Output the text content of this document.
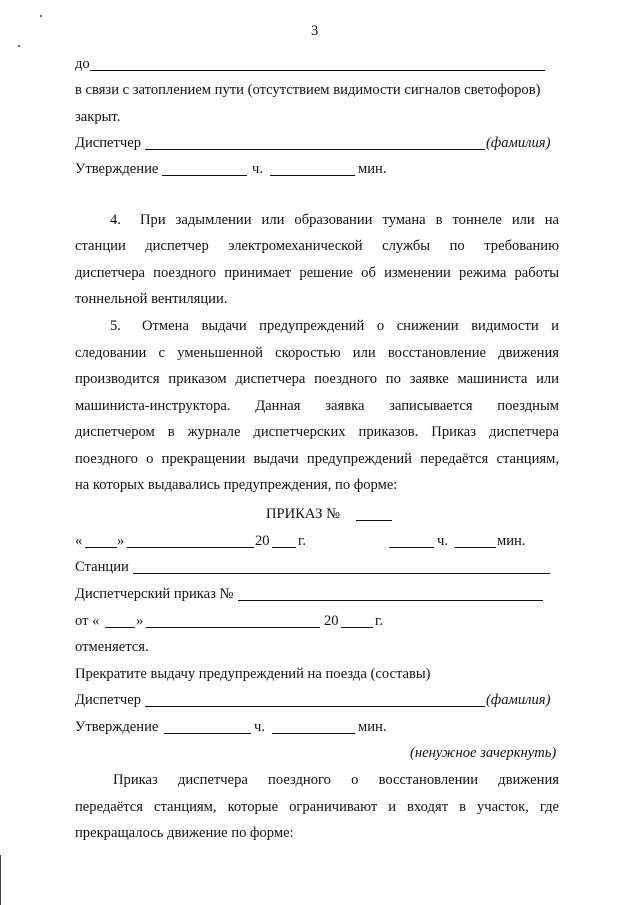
3
до
в связи с затоплением пути (отсутствием видимости сигналов светофоров)
закрыт.
Диспетчер	(фамилия)
Утверждение	ч.	мин.
4. При задымлении или образовании тумана в тоннеле или на
станции диспетчер электромеханической службы по требованию
диспетчера поездного принимает решение об изменении режима работы
тоннельной вентиляции.
5. Отмена выдачи предупреждений о снижении видимости и
следовании с уменьшенной скоростью или восстановление движения
производится приказом диспетчера поездного по заявке машиниста или
машиниста-инструктора. Данная заявка записывается поездным
диспетчером в журнале диспетчерских приказов. Приказ диспетчера
поездного о прекращении выдачи предупреждений передаётся станциям,
на которых выдавались предупреждения, по форме:
ПРИКАЗ №
« »	20 г.	ч.	мин.
Станции
Диспетчерский приказ №
от «	»	20 г.
отменяется.
Прекратите выдачу предупреждений на поезда (составы)
Диспетчер	(фамилия)
Утверждение	ч.	мин.
(ненужное зачеркнуть)
Приказ диспетчера поездного о восстановлении движения
передаётся станциям, которые ограничивают и входят в участок, где
прекращалось движение по форме:
